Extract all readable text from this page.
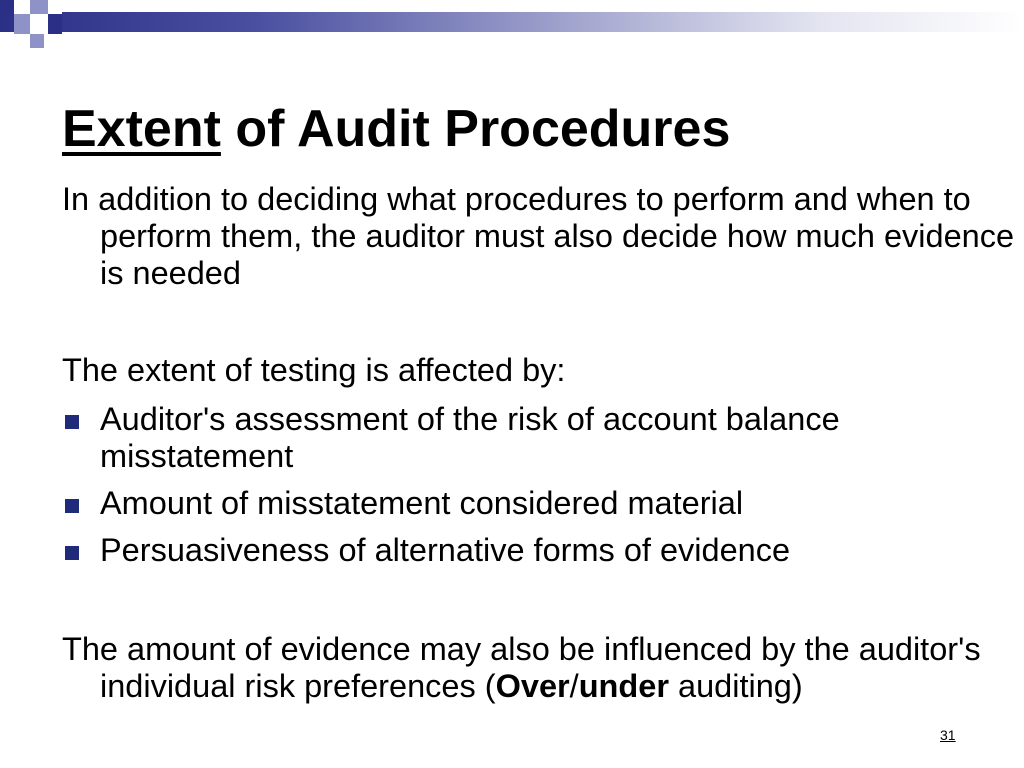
Extent of Audit Procedures

In addition to deciding what procedures to perform and when to perform them, the auditor must also decide how much evidence is needed

The extent of testing is affected by:

Auditor's assessment of the risk of account balance misstatement
Amount of misstatement considered material
Persuasiveness of alternative forms of evidence

The amount of evidence may also be influenced by the auditor's individual risk preferences (Over/under auditing)

31
